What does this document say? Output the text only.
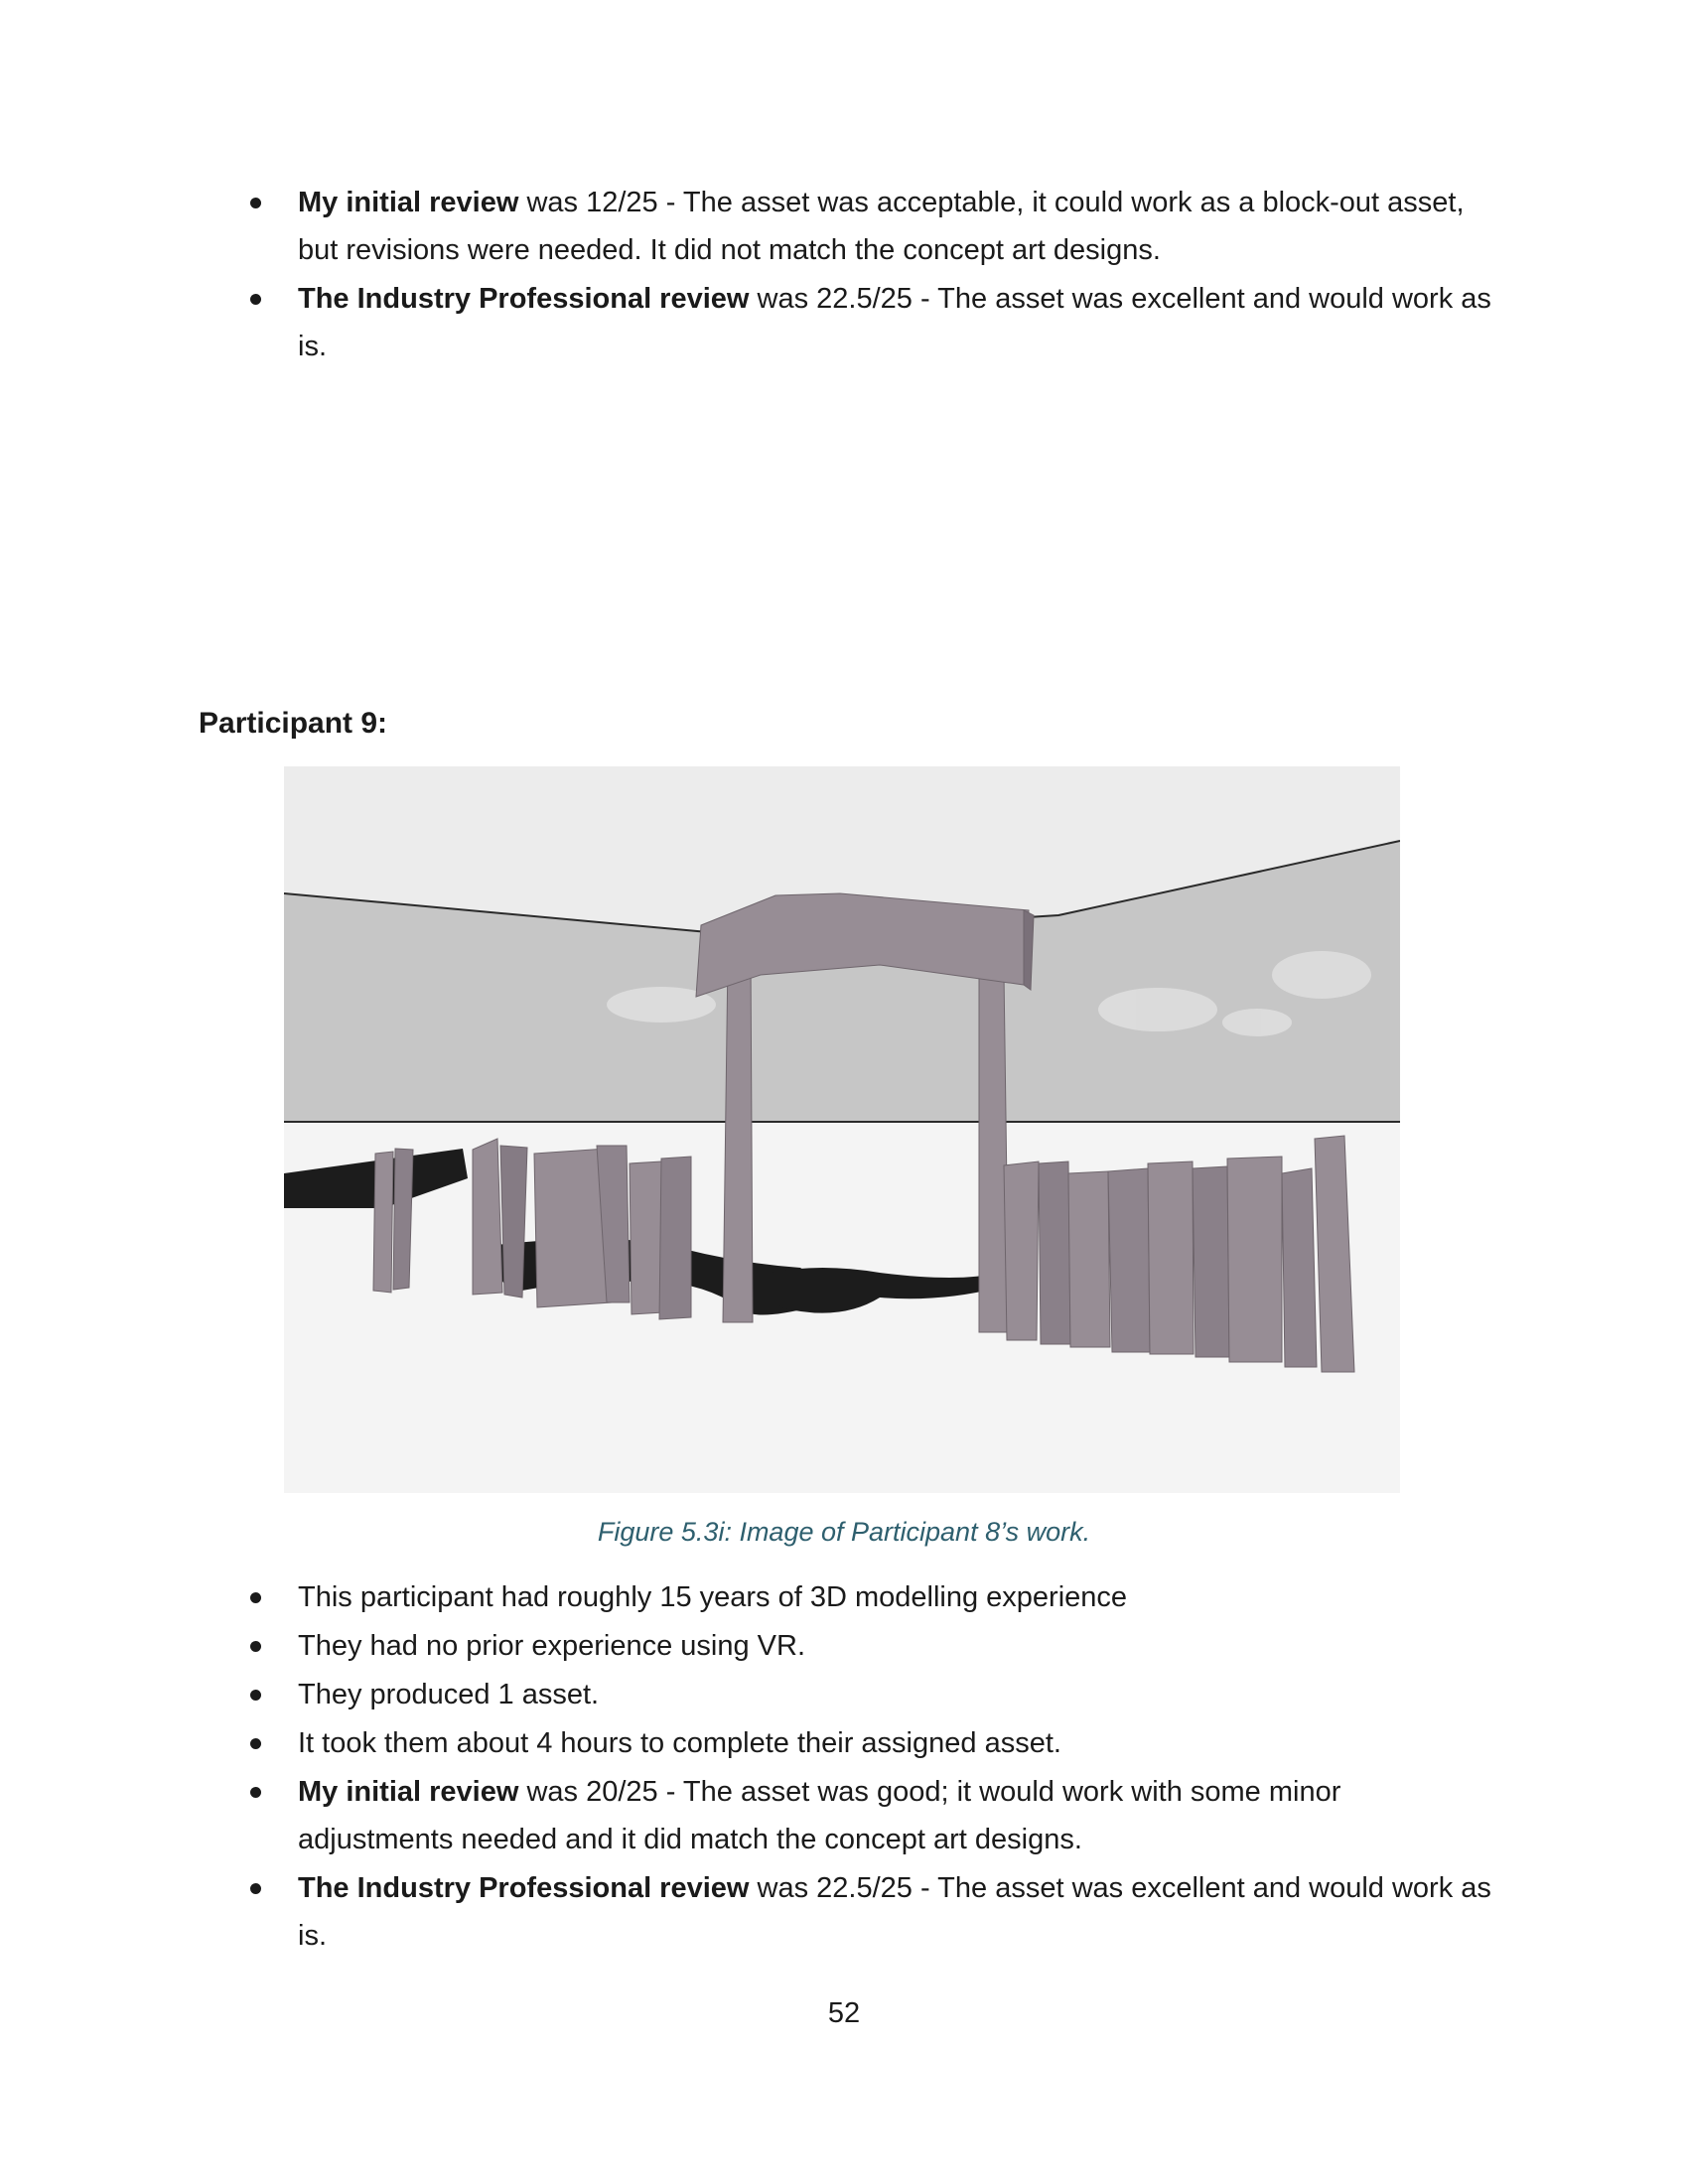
My initial review was 12/25 - The asset was acceptable, it could work as a block-out asset, but revisions were needed. It did not match the concept art designs.
The Industry Professional review was 22.5/25 - The asset was excellent and would work as is.
Participant 9:
Figure 5.3i: Image of Participant 8’s work.
This participant had roughly 15 years of 3D modelling experience
They had no prior experience using VR.
They produced 1 asset.
It took them about 4 hours to complete their assigned asset.
My initial review was 20/25 - The asset was good; it would work with some minor adjustments needed and it did match the concept art designs.
The Industry Professional review was 22.5/25 - The asset was excellent and would work as is.
52
